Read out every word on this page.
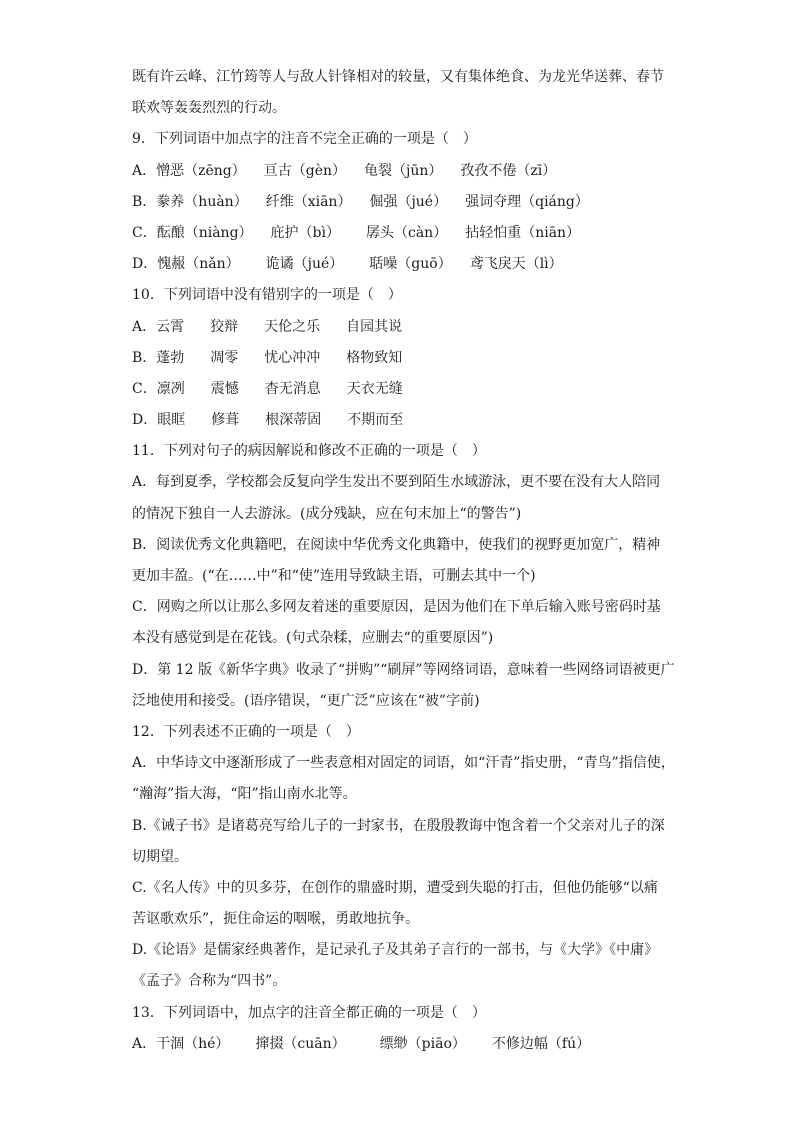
既有许云峰、江竹筠等人与敌人针锋相对的较量，又有集体绝食、为龙光华送葬、春节
联欢等轰轰烈烈的行动。
9．下列词语中加点字的注音不完全正确的一项是（　）
A．憎恶（zēng） 亘古（gèn） 龟裂（jūn） 孜孜不倦（zī）
B．豢养（huàn） 纤维（xiān） 倔强（jué） 强词夺理（qiáng）
C．酝酿（niàng） 庇护（bì） 孱头（càn） 拈轻怕重（niān）
D．愧赧（nǎn） 诡谲（jué） 聒噪（guō） 鸢飞戾天（lì）
10．下列词语中没有错别字的一项是（　）
A．云霄 狡辩 天伦之乐 自园其说
B．蓬勃 凋零 忧心冲冲 格物致知
C．凛冽 震憾 杳无消息 天衣无缝
D．眼眶 修葺 根深蒂固 不期而至
11．下列对句子的病因解说和修改不正确的一项是（　）
A．每到夏季，学校都会反复向学生发出不要到陌生水域游泳，更不要在没有大人陪同
的情况下独自一人去游泳。(成分残缺，应在句末加上“的警告”)
B．阅读优秀文化典籍吧，在阅读中华优秀文化典籍中，使我们的视野更加宽广，精神
更加丰盈。(“在……中”和“使”连用导致缺主语，可删去其中一个)
C．网购之所以让那么多网友着迷的重要原因，是因为他们在下单后输入账号密码时基
本没有感觉到是在花钱。(句式杂糅，应删去“的重要原因”)
D．第 12 版《新华字典》收录了“拼购”“刷屏”等网络词语，意味着一些网络词语被更广
泛地使用和接受。(语序错误，“更广泛”应该在“被”字前)
12．下列表述不正确的一项是（　）
A．中华诗文中逐渐形成了一些表意相对固定的词语，如“汗青”指史册，“青鸟”指信使，
“瀚海”指大海，“阳”指山南水北等。
B.《诫子书》是诸葛亮写给儿子的一封家书，在殷殷教诲中饱含着一个父亲对儿子的深
切期望。
C.《名人传》中的贝多芬，在创作的鼎盛时期，遭受到失聪的打击，但他仍能够“以痛
苦讴歌欢乐”，扼住命运的咽喉，勇敢地抗争。
D.《论语》是儒家经典著作，是记录孔子及其弟子言行的一部书，与《大学》《中庸》
《孟子》合称为“四书”。
13．下列词语中，加点字的注音全都正确的一项是（　）
A．干涸（hé） 撺掇（cuān） 缥缈（piāo） 不修边幅（fú）
